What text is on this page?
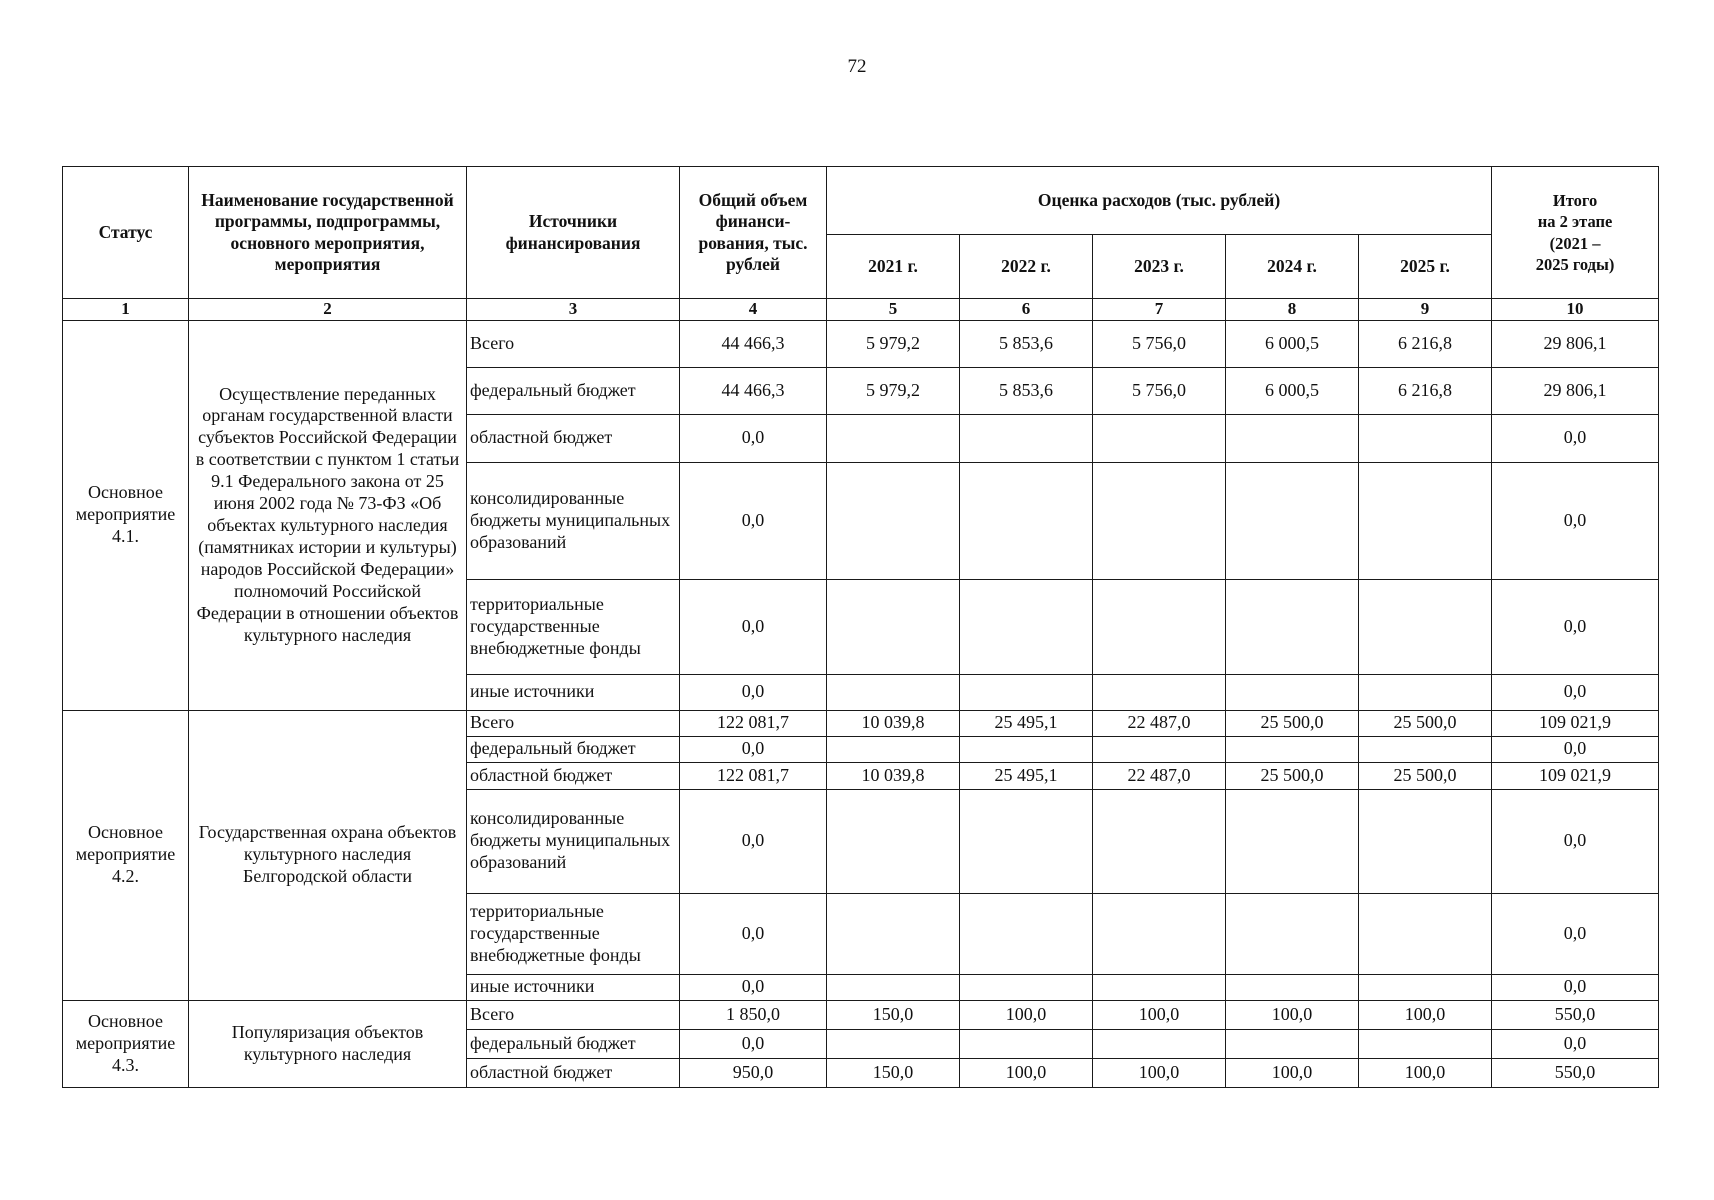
72
Статус	Наименование государственной программы, подпрограммы, основного мероприятия, мероприятия	Источники финансирования	Общий объем финанси-рования, тыс. рублей	Оценка расходов (тыс. рублей)					Итого
на 2 этапе
(2021 –
2025 годы)
				2021 г.	2022 г.	2023 г.	2024 г.	2025 г.	
1	2	3	4	5	6	7	8	9	10
Основное мероприятие 4.1.	Осуществление переданных органам государственной власти субъектов Российской Федерации в соответствии с пунктом 1 статьи 9.1 Федерального закона от 25 июня 2002 года № 73-ФЗ «Об объектах культурного наследия (памятниках истории и культуры) народов Российской Федерации» полномочий Российской Федерации в отношении объектов культурного наследия	Всего	44 466,3	5 979,2	5 853,6	5 756,0	6 000,5	6 216,8	29 806,1
		федеральный бюджет	44 466,3	5 979,2	5 853,6	5 756,0	6 000,5	6 216,8	29 806,1
		областной бюджет	0,0						0,0
		консолидированные бюджеты муниципальных образований	0,0						0,0
		территориальные государственные внебюджетные фонды	0,0						0,0
		иные источники	0,0						0,0
Основное мероприятие 4.2.	Государственная охрана объектов культурного наследия Белгородской области	Всего	122 081,7	10 039,8	25 495,1	22 487,0	25 500,0	25 500,0	109 021,9
		федеральный бюджет	0,0						0,0
		областной бюджет	122 081,7	10 039,8	25 495,1	22 487,0	25 500,0	25 500,0	109 021,9
		консолидированные бюджеты муниципальных образований	0,0						0,0
		территориальные государственные внебюджетные фонды	0,0						0,0
		иные источники	0,0						0,0
Основное мероприятие 4.3.	Популяризация объектов культурного наследия	Всего	1 850,0	150,0	100,0	100,0	100,0	100,0	550,0
		федеральный бюджет	0,0						0,0
		областной бюджет	950,0	150,0	100,0	100,0	100,0	100,0	550,0
